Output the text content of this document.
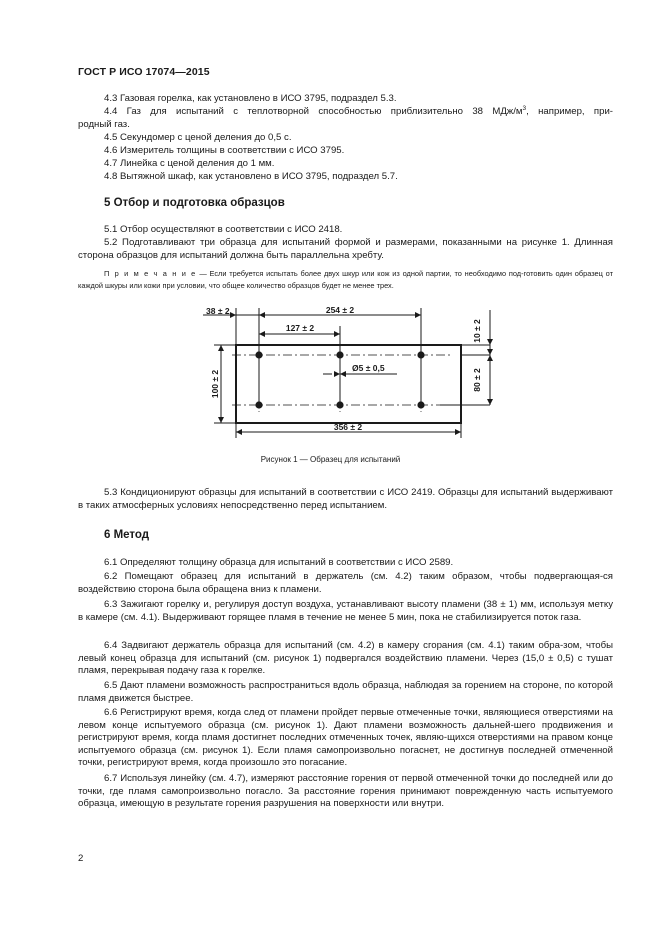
ГОСТ Р ИСО 17074—2015
4.3 Газовая горелка, как установлено в ИСО 3795, подраздел 5.3.
4.4 Газ для испытаний с теплотворной способностью приблизительно 38 МДж/$м^3$, например, при-
родный газ.
4.5 Секундомер с ценой деления до 0,5 с.
4.6 Измеритель толщины в соответствии с ИСО 3795.
4.7 Линейка с ценой деления до 1 мм.
4.8 Вытяжной шкаф, как установлено в ИСО 3795, подраздел 5.7.
5 Отбор и подготовка образцов
5.1 Отбор осуществляют в соответствии с ИСО 2418.
5.2 Подготавливают три образца для испытаний формой и размерами, показанными на рисунке 1. Длинная сторона образцов для испытаний должна быть параллельна хребту.
П р и м е ч а н и е — Если требуется испытать более двух шкур или кож из одной партии, то необходимо под-готовить один образец от каждой шкуры или кожи при условии, что общее количество образцов будет не менее трех.
38 ± 2	254 ± 2
127 ± 2
Ø5 ± 0,5
100 ± 2
10 ± 2
80 ± 2
356 ± 2
Рисунок 1 — Образец для испытаний
5.3 Кондиционируют образцы для испытаний в соответствии с ИСО 2419. Образцы для испытаний выдерживают в таких атмосферных условиях непосредственно перед испытанием.
6 Метод
6.1 Определяют толщину образца для испытаний в соответствии с ИСО 2589.
6.2 Помещают образец для испытаний в держатель (см. 4.2) таким образом, чтобы подвергающая-ся воздействию сторона была обращена вниз к пламени.
6.3 Зажигают горелку и, регулируя доступ воздуха, устанавливают высоту пламени (38 ± 1) мм, используя метку в камере (см. 4.1). Выдерживают горящее пламя в течение не менее 5 мин, пока не стабилизируется поток газа.
6.4 Задвигают держатель образца для испытаний (см. 4.2) в камеру сгорания (см. 4.1) таким обра-зом, чтобы левый конец образца для испытаний (см. рисунок 1) подвергался воздействию пламени. Через (15,0 ± 0,5) с тушат пламя, перекрывая подачу газа к горелке.
6.5 Дают пламени возможность распространиться вдоль образца, наблюдая за горением на стороне, по которой пламя движется быстрее.
6.6 Регистрируют время, когда след от пламени пройдет первые отмеченные точки, являющиеся отверстиями на левом конце испытуемого образца (см. рисунок 1). Дают пламени возможность дальней-шего продвижения и регистрируют время, когда пламя достигнет последних отмеченных точек, являю-щихся отверстиями на правом конце испытуемого образца (см. рисунок 1). Если пламя самопроизвольно погаснет, не достигнув последней отмеченной точки, регистрируют время, когда произошло это погасание.
6.7 Используя линейку (см. 4.7), измеряют расстояние горения от первой отмеченной точки до последней или до точки, где пламя самопроизвольно погасло. За расстояние горения принимают поврежденную часть испытуемого образца, имеющую в результате горения разрушения на поверхности или внутри.
2
